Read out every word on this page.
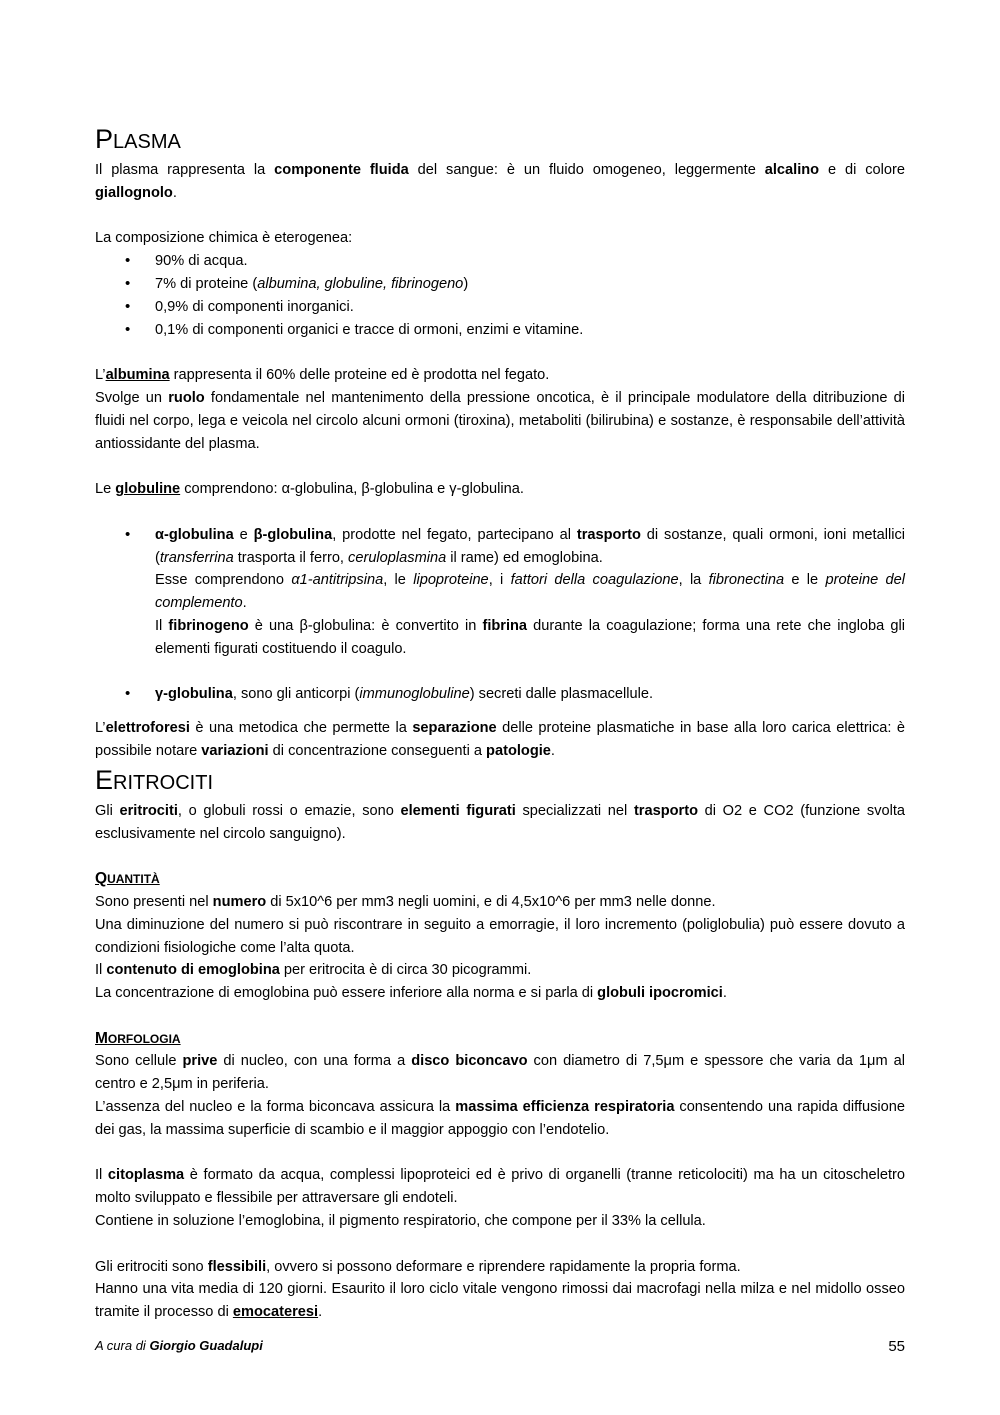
PLASMA

Il plasma rappresenta la componente fluida del sangue: è un fluido omogeneo, leggermente alcalino e di colore giallognolo.

La composizione chimica è eterogenea:

• 90% di acqua.
• 7% di proteine (albumina, globuline, fibrinogeno)
• 0,9% di componenti inorganici.
• 0,1% di componenti organici e tracce di ormoni, enzimi e vitamine.

L’albumina rappresenta il 60% delle proteine ed è prodotta nel fegato.
Svolge un ruolo fondamentale nel mantenimento della pressione oncotica, è il principale modulatore della ditribuzione di fluidi nel corpo, lega e veicola nel circolo alcuni ormoni (tiroxina), metaboliti (bilirubina) e sostanze, è responsabile dell’attività antiossidante del plasma.

Le globuline comprendono: α-globulina, β-globulina e γ-globulina.

• α-globulina e β-globulina, prodotte nel fegato, partecipano al trasporto di sostanze, quali ormoni, ioni metallici (transferrina trasporta il ferro, ceruloplasmina il rame) ed emoglobina.
Esse comprendono α1-antitripsina, le lipoproteine, i fattori della coagulazione, la fibronectina e le proteine del complemento.
Il fibrinogeno è una β-globulina: è convertito in fibrina durante la coagulazione; forma una rete che ingloba gli elementi figurati costituendo il coagulo.
• γ-globulina, sono gli anticorpi (immunoglobuline) secreti dalle plasmacellule.

L’elettroforesi è una metodica che permette la separazione delle proteine plasmatiche in base alla loro carica elettrica: è possibile notare variazioni di concentrazione conseguenti a patologie.

ERITROCITI

Gli eritrociti, o globuli rossi o emazie, sono elementi figurati specializzati nel trasporto di O2 e CO2 (funzione svolta esclusivamente nel circolo sanguigno).

QUANTITÀ

Sono presenti nel numero di 5x10^6 per mm3 negli uomini, e di 4,5x10^6 per mm3 nelle donne.
Una diminuzione del numero si può riscontrare in seguito a emorragie, il loro incremento (poliglobulia) può essere dovuto a condizioni fisiologiche come l’alta quota.
Il contenuto di emoglobina per eritrocita è di circa 30 picogrammi.
La concentrazione di emoglobina può essere inferiore alla norma e si parla di globuli ipocromici.

MORFOLOGIA

Sono cellule prive di nucleo, con una forma a disco biconcavo con diametro di 7,5μm e spessore che varia da 1μm al centro e 2,5μm in periferia.
L’assenza del nucleo e la forma biconcava assicura la massima efficienza respiratoria consentendo una rapida diffusione dei gas, la massima superficie di scambio e il maggior appoggio con l’endotelio.

Il citoplasma è formato da acqua, complessi lipoproteici ed è privo di organelli (tranne reticolociti) ma ha un citoscheletro molto sviluppato e flessibile per attraversare gli endoteli.
Contiene in soluzione l’emoglobina, il pigmento respiratorio, che compone per il 33% la cellula.

Gli eritrociti sono flessibili, ovvero si possono deformare e riprendere rapidamente la propria forma.
Hanno una vita media di 120 giorni. Esaurito il loro ciclo vitale vengono rimossi dai macrofagi nella milza e nel midollo osseo tramite il processo di emocateresi.

A cura di Giorgio Guadalupi	55
